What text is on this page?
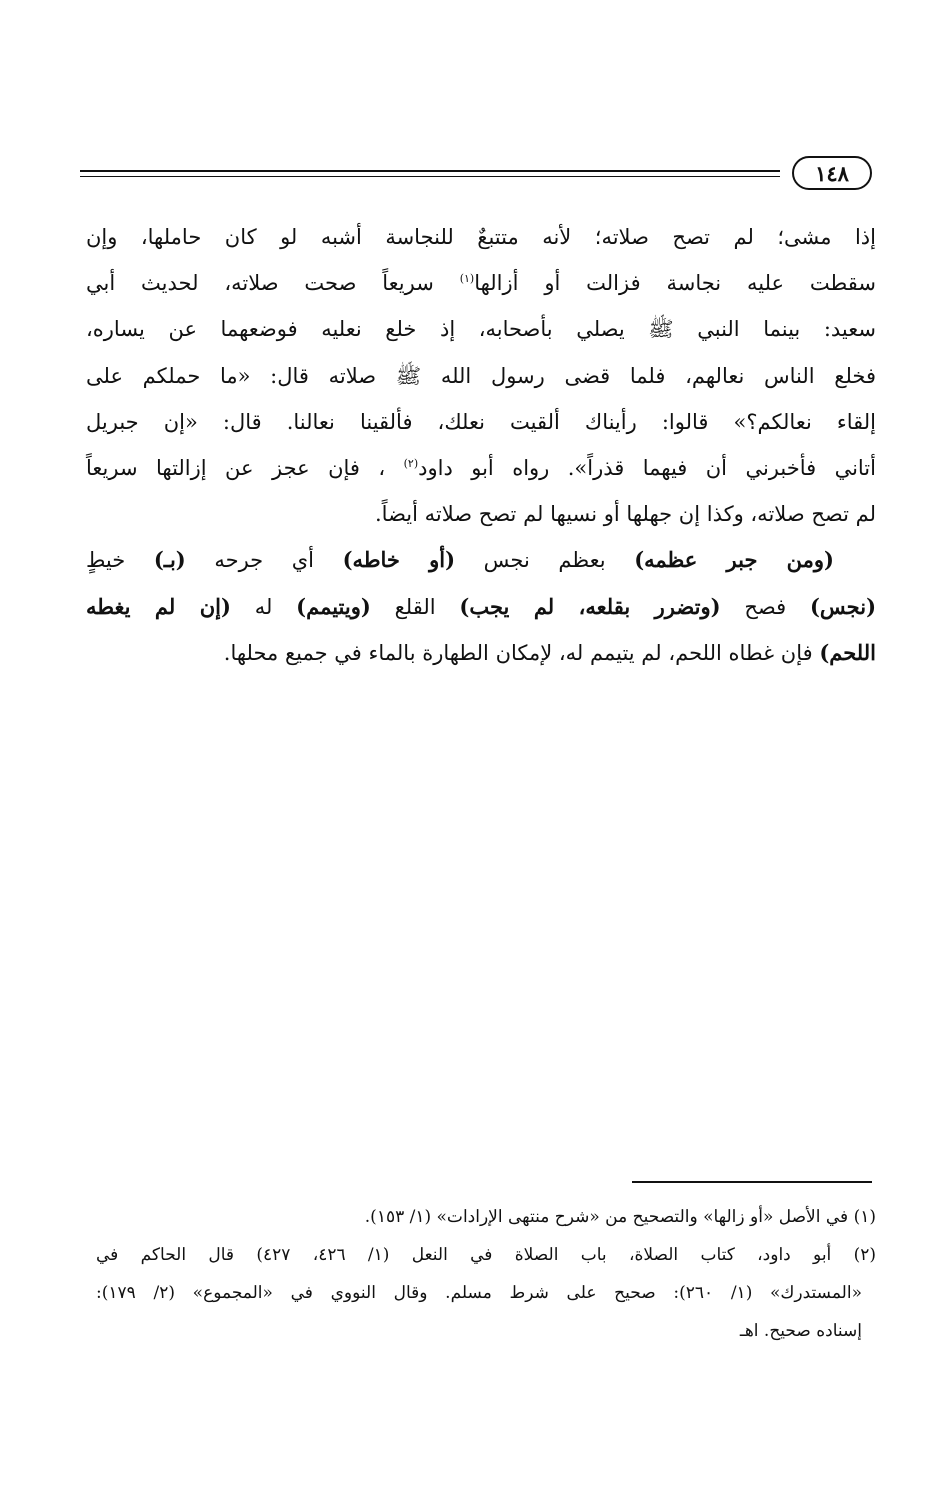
١٤٨
إذا مشى؛ لم تصح صلاته؛ لأنه متتبعٌ للنجاسة أشبه لو كان حاملها، وإن
سقطت عليه نجاسة فزالت أو أزالها$^{(١)}$ سريعاً صحت صلاته، لحديث أبي
سعيد: بينما النبي ﷺ يصلي بأصحابه، إذ خلع نعليه فوضعهما عن يساره،
فخلع الناس نعالهم، فلما قضى رسول الله ﷺ صلاته قال: «ما حملكم على
إلقاء نعالكم؟» قالوا: رأيناك ألقيت نعلك، فألقينا نعالنا. قال: «إن جبريل
أتاني فأخبرني أن فيهما قذراً». رواه أبو داود$^{(٢)}$ ، فإن عجز عن إزالتها سريعاً
لم تصح صلاته، وكذا إن جهلها أو نسيها لم تصح صلاته أيضاً.
(ومن جبر عظمه) بعظم نجس (أو خاطه) أي جرحه (بـ) خيطٍ
(نجس) فصح (وتضرر بقلعه، لم يجب) القلع (ويتيمم) له (إن لم يغطه
اللحم) فإن غطاه اللحم، لم يتيمم له، لإمكان الطهارة بالماء في جميع محلها.
(١) في الأصل «أو زالها» والتصحيح من «شرح منتهى الإرادات» (١/ ١٥٣).
(٢) أبو داود، كتاب الصلاة، باب الصلاة في النعل (١/ ٤٢٦، ٤٢٧) قال الحاكم في
«المستدرك» (١/ ٢٦٠): صحيح على شرط مسلم. وقال النووي في «المجموع» (٢/ ١٧٩):
إسناده صحيح. اهـ
